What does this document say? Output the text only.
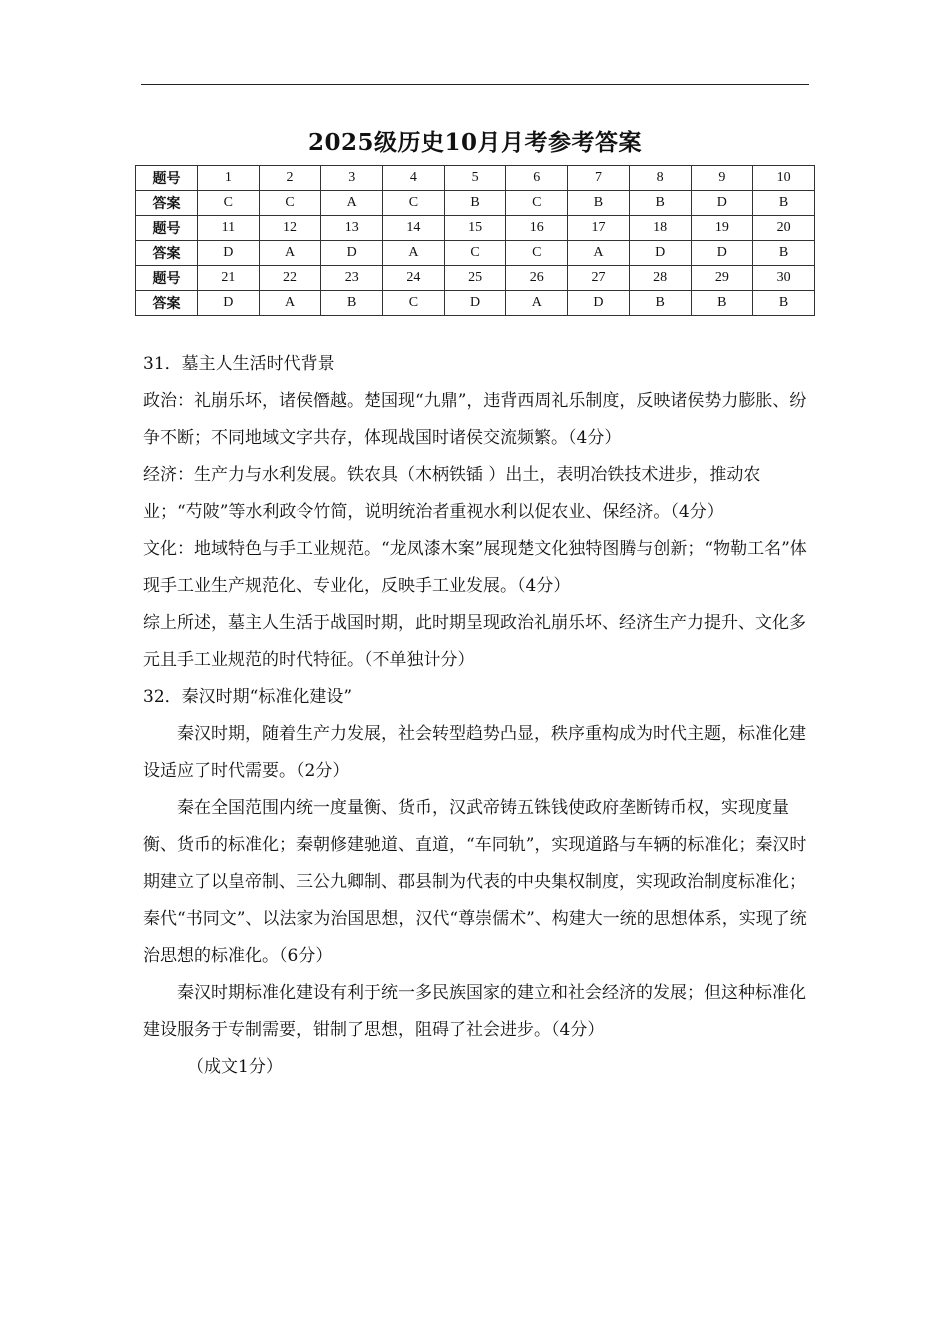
2025级历史10月月考参考答案
题号	1	2	3	4	5	6	7	8	9	10
答案	C	C	A	C	B	C	B	B	D	B
题号	11	12	13	14	15	16	17	18	19	20
答案	D	A	D	A	C	C	A	D	D	B
题号	21	22	23	24	25	26	27	28	29	30
答案	D	A	B	C	D	A	D	B	B	B

31．墓主人生活时代背景

政治：礼崩乐坏，诸侯僭越。楚国现“九鼎”，违背西周礼乐制度，反映诸侯势力膨胀、纷争不断；不同地域文字共存，体现战国时诸侯交流频繁。（4分）

经济：生产力与水利发展。铁农具（木柄铁锸 ）出土，表明冶铁技术进步，推动农业；“芍陂”等水利政令竹简，说明统治者重视水利以促农业、保经济。（4分）

文化：地域特色与手工业规范。“龙凤漆木案”展现楚文化独特图腾与创新；“物勒工名”体现手工业生产规范化、专业化，反映手工业发展。（4分）

综上所述，墓主人生活于战国时期，此时期呈现政治礼崩乐坏、经济生产力提升、文化多元且手工业规范的时代特征。（不单独计分）

32．秦汉时期“标准化建设”

秦汉时期，随着生产力发展，社会转型趋势凸显，秩序重构成为时代主题，标准化建设适应了时代需要。（2分）

秦在全国范围内统一度量衡、货币，汉武帝铸五铢钱使政府垄断铸币权，实现度量衡、货币的标准化；秦朝修建驰道、直道，“车同轨”，实现道路与车辆的标准化；秦汉时期建立了以皇帝制、三公九卿制、郡县制为代表的中央集权制度，实现政治制度标准化；秦代“书同文”、以法家为治国思想，汉代“尊崇儒术”、构建大一统的思想体系，实现了统治思想的标准化。（6分）

秦汉时期标准化建设有利于统一多民族国家的建立和社会经济的发展；但这种标准化建设服务于专制需要，钳制了思想，阻碍了社会进步。（4分）

（成文1分）
